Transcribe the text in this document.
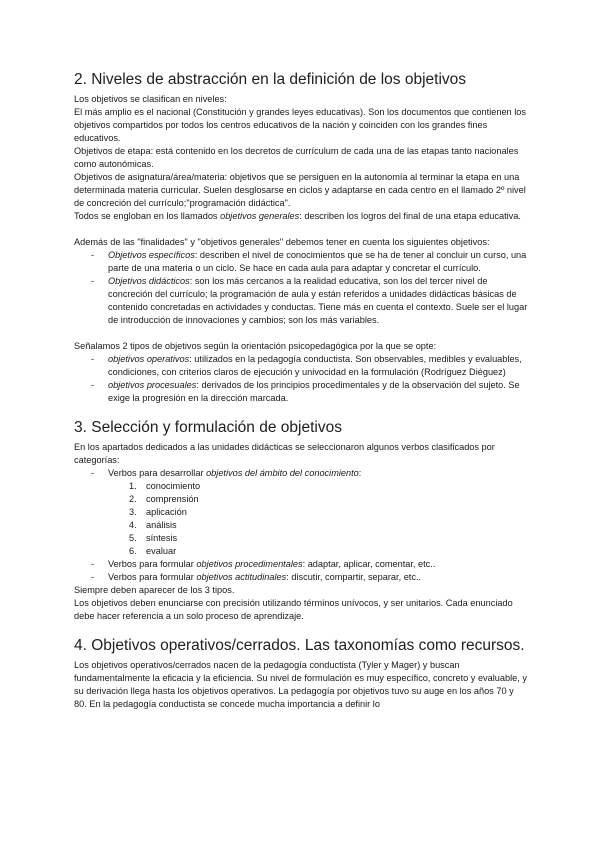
2. Niveles de abstracción en la definición de los objetivos

Los objetivos se clasifican en niveles:

El más amplio es el nacional (Constitución y grandes leyes educativas). Son los documentos que contienen los objetivos compartidos por todos los centros educativos de la nación y coinciden con los grandes fines educativos.

Objetivos de etapa: está contenido en los decretos de currículum de cada una de las etapas tanto nacionales como autonómicas.

Objetivos de asignatura/área/materia: objetivos que se persiguen en la autonomía al terminar la etapa en una determinada materia curricular. Suelen desglosarse en ciclos y adaptarse en cada centro en el llamado 2º nivel de concreción del currículo;"programación didáctica".

Todos se engloban en los llamados objetivos generales: describen los logros del final de una etapa educativa.

Además de las "finalidades" y "objetivos generales" debemos tener en cuenta los siguientes objetivos:

- Objetivos específicos: describen el nivel de conocimientos que se ha de tener al concluir un curso, una parte de una materia o un ciclo. Se hace en cada aula para adaptar y concretar el currículo.
- Objetivos didácticos: son los más cercanos a la realidad educativa, son los del tercer nivel de concreción del currículo; la programación de aula y están referidos a unidades didácticas básicas de contenido concretadas en actividades y conductas. Tiene más en cuenta el contexto. Suele ser el lugar de introducción de innovaciones y cambios; son los más variables.

Señalamos 2 tipos de objetivos según la orientación psicopedagógica por la que se opte:

- objetivos operativos: utilizados en la pedagogía conductista. Son observables, medibles y evaluables, condiciones, con criterios claros de ejecución y univocidad en la formulación (Rodríguez Diéguez)
- objetivos procesuales: derivados de los principios procedimentales y de la observación del sujeto. Se exige la progresión en la dirección marcada.
3. Selección y formulación de objetivos

En los apartados dedicados a las unidades didácticas se seleccionaron algunos verbos clasificados por categorías:

- Verbos para desarrollar objetivos del ámbito del conocimiento:
1. conocimiento
2. comprensión
3. aplicación
4. análisis
5. síntesis
6. evaluar
- Verbos para formular objetivos procedimentales: adaptar, aplicar, comentar, etc..
- Verbos para formular objetivos actitudinales: discutir, compartir, separar, etc..

Siempre deben aparecer de los 3 tipos.

Los objetivos deben enunciarse con precisión utilizando términos unívocos, y ser unitarios. Cada enunciado debe hacer referencia a un solo proceso de aprendizaje.

4. Objetivos operativos/cerrados. Las taxonomías como recursos.

Los objetivos operativos/cerrados nacen de la pedagogía conductista (Tyler y Mager) y buscan fundamentalmente la eficacia y la eficiencia. Su nivel de formulación es muy específico, concreto y evaluable, y su derivación llega hasta los objetivos operativos. La pedagogía por objetivos tuvo su auge en los años 70 y 80. En la pedagogía conductista se concede mucha importancia a definir lo
